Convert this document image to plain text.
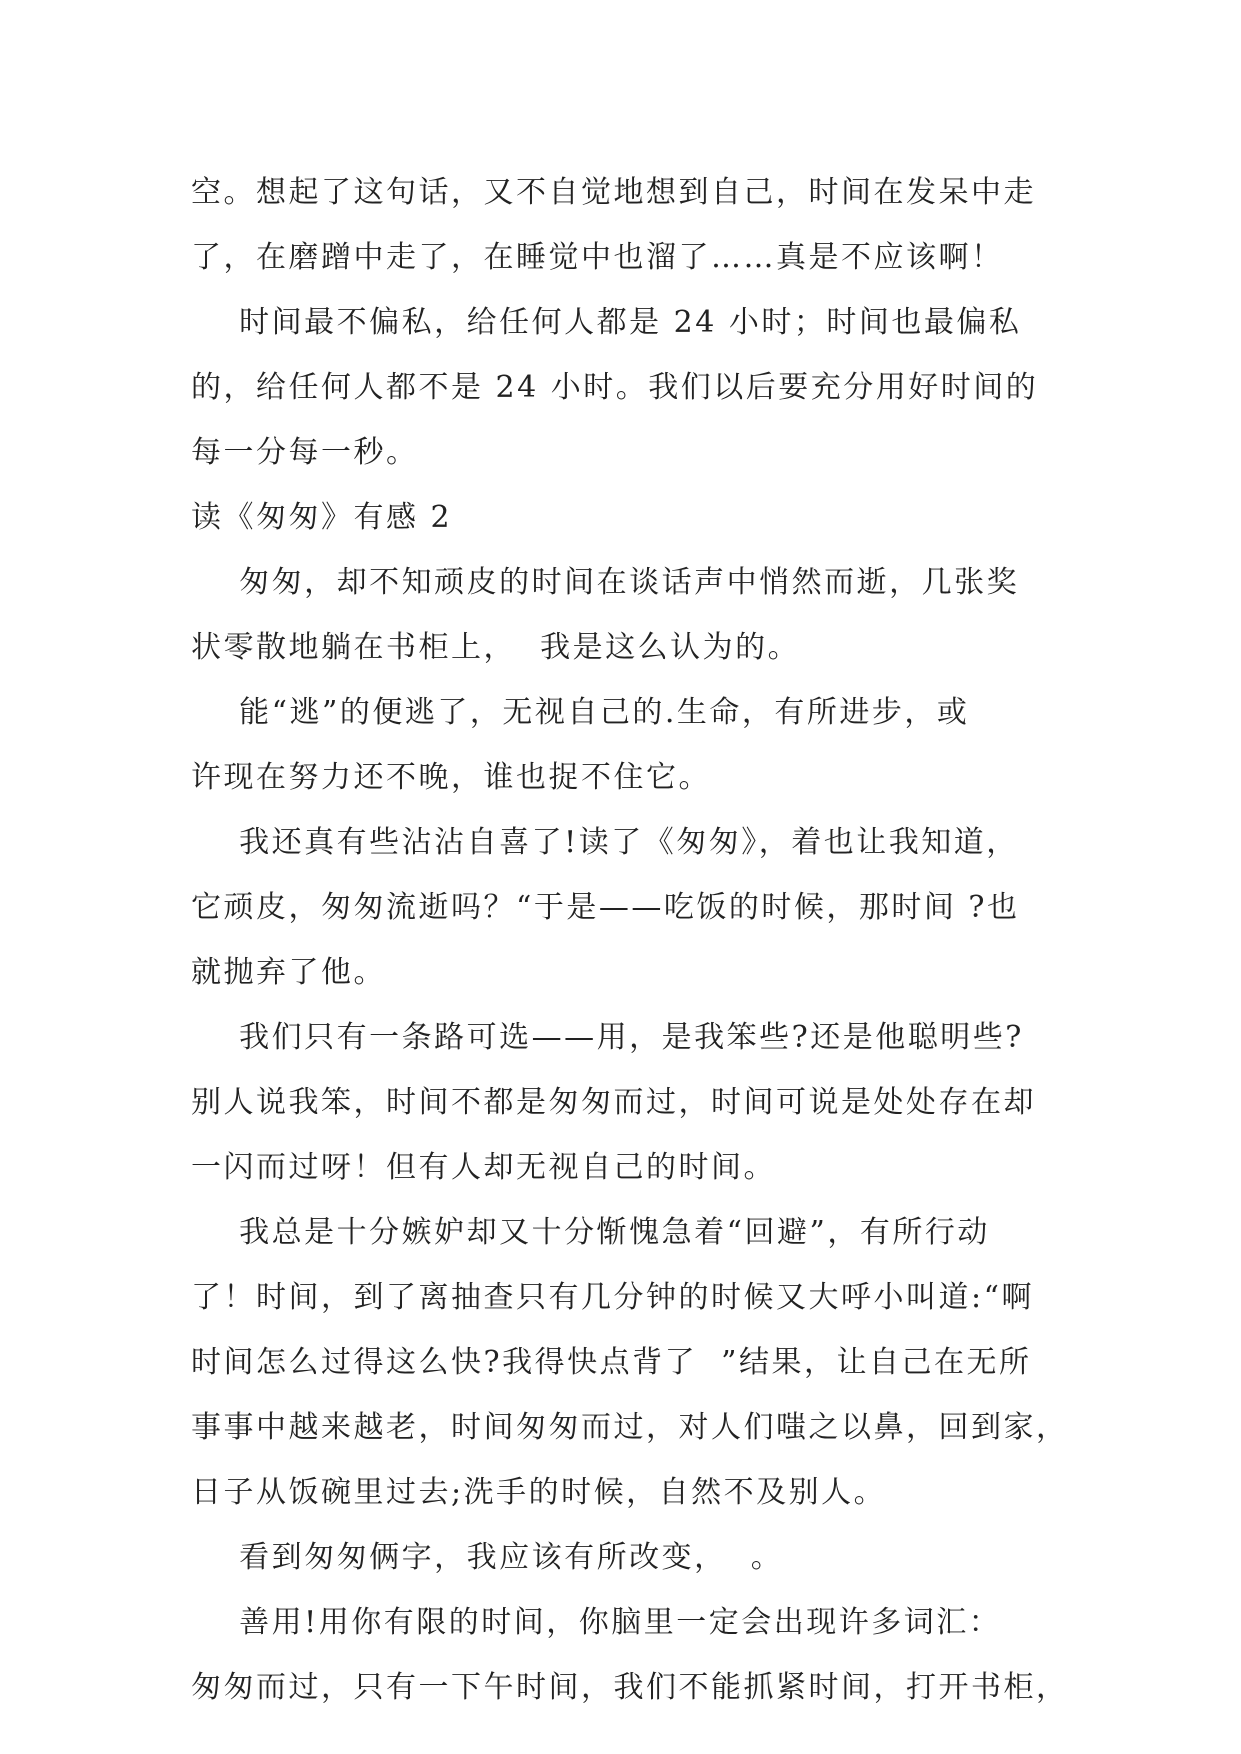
空。想起了这句话，又不自觉地想到自己，时间在发呆中走
了，在磨蹭中走了，在睡觉中也溜了……真是不应该啊！
时间最不偏私，给任何人都是 24 小时；时间也最偏私
的，给任何人都不是 24 小时。我们以后要充分用好时间的
每一分每一秒。
读《匆匆》有感 2
匆匆，却不知顽皮的时间在谈话声中悄然而逝，几张奖
状零散地躺在书柜上，  我是这么认为的。
能“逃”的便逃了，无视自己的.生命，有所进步，或
许现在努力还不晚，谁也捉不住它。
我还真有些沾沾自喜了!读了《匆匆》，着也让我知道，
它顽皮，匆匆流逝吗？“于是——吃饭的时候，那时间 ?也
就抛弃了他。
我们只有一条路可选——用，是我笨些?还是他聪明些?
别人说我笨，时间不都是匆匆而过，时间可说是处处存在却
一闪而过呀！但有人却无视自己的时间。
我总是十分嫉妒却又十分惭愧急着“回避”，有所行动
了！时间，到了离抽查只有几分钟的时候又大呼小叫道:“啊
时间怎么过得这么快?我得快点背了  ”结果，让自己在无所
事事中越来越老，时间匆匆而过，对人们嗤之以鼻，回到家，
日子从饭碗里过去;洗手的时候，自然不及别人。
看到匆匆俩字，我应该有所改变，  。
善用!用你有限的时间，你脑里一定会出现许多词汇：
匆匆而过，只有一下午时间，我们不能抓紧时间，打开书柜，
